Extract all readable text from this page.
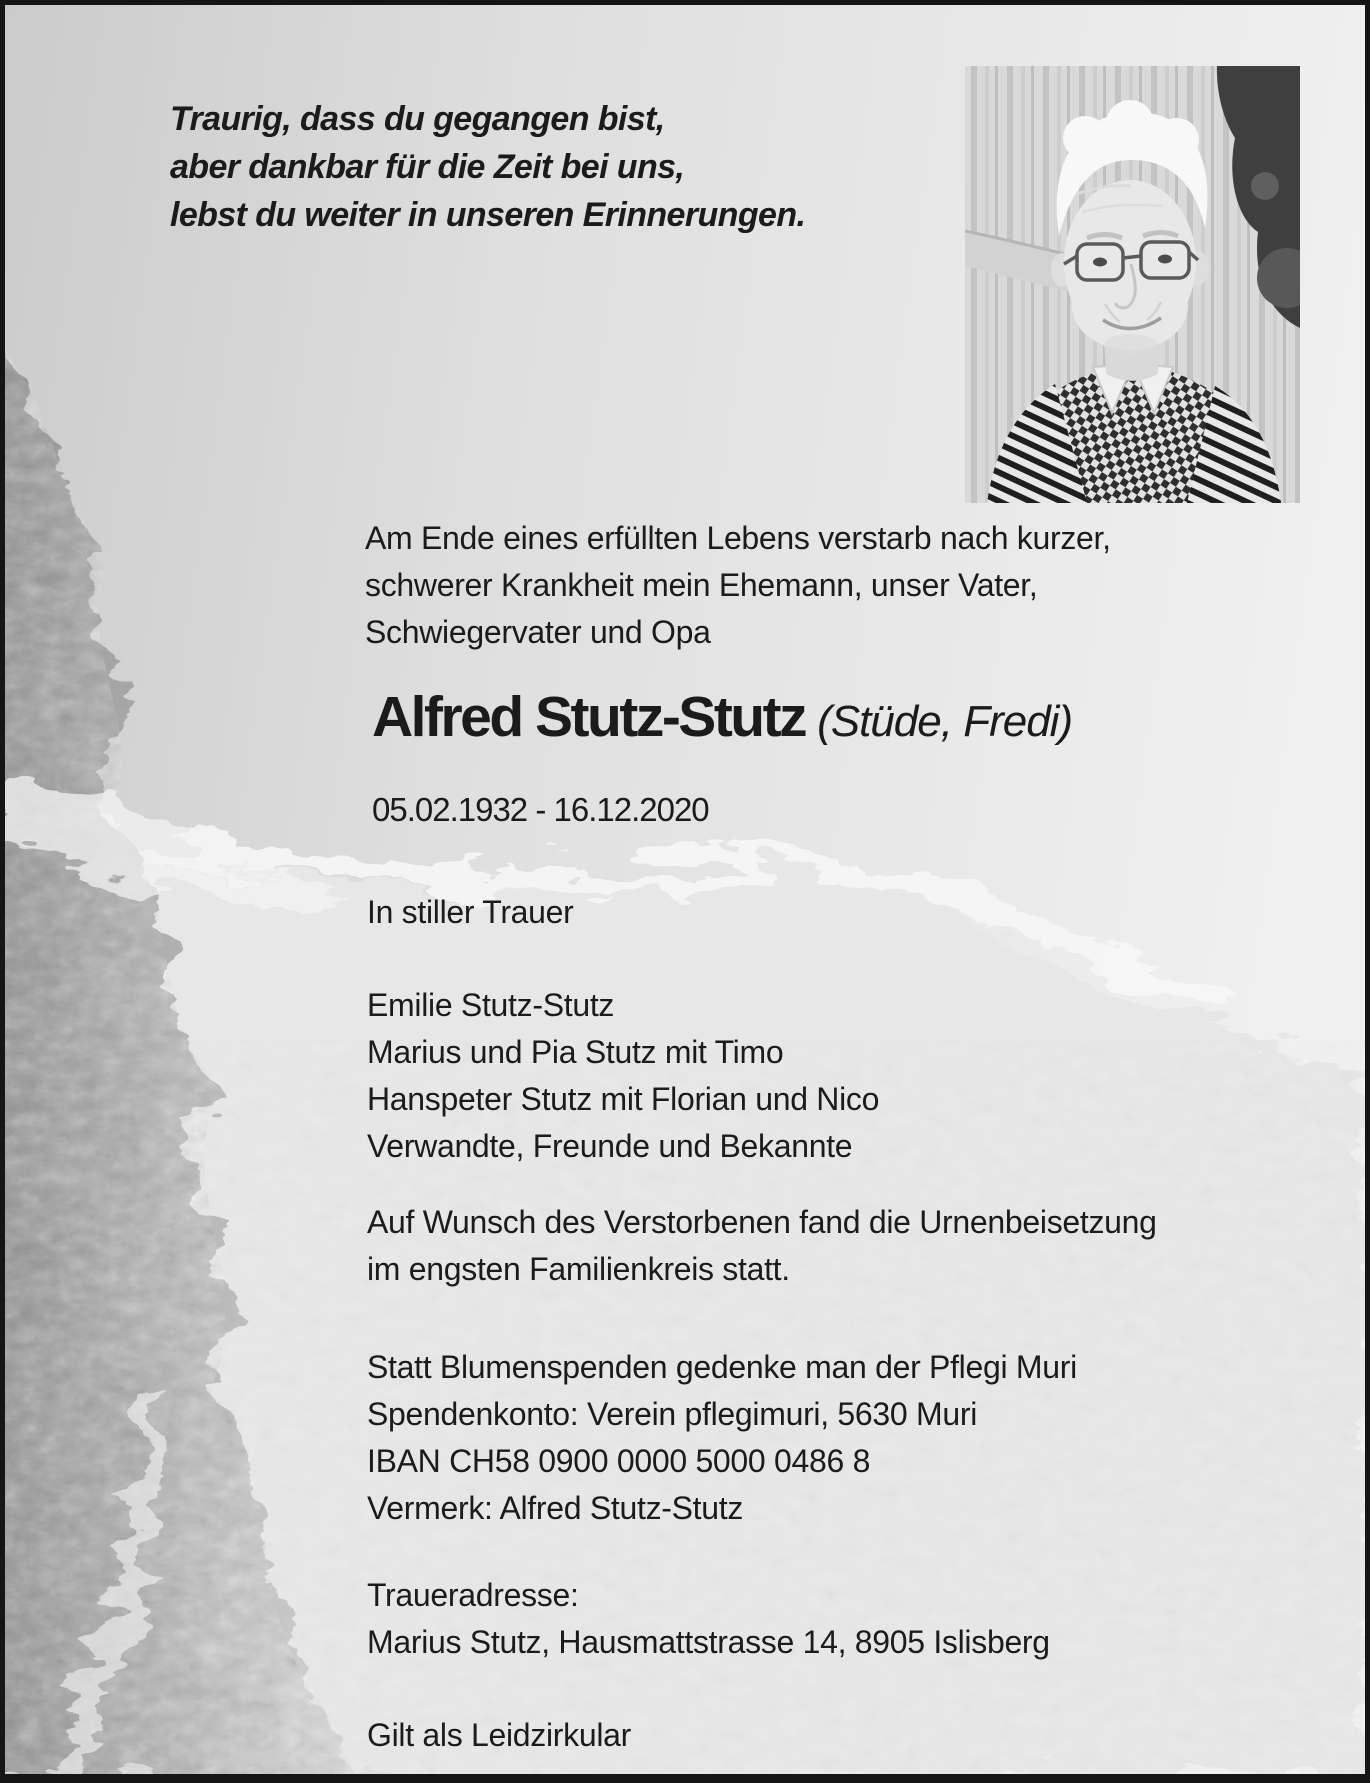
Traurig, dass du gegangen bist,
aber dankbar für die Zeit bei uns,
lebst du weiter in unseren Erinnerungen.
Am Ende eines erfüllten Lebens verstarb nach kurzer,
schwerer Krankheit mein Ehemann, unser Vater,
Schwiegervater und Opa
Alfred Stutz-Stutz (Stüde, Fredi)
05.02.1932 - 16.12.2020
In stiller Trauer
Emilie Stutz-Stutz
Marius und Pia Stutz mit Timo
Hanspeter Stutz mit Florian und Nico
Verwandte, Freunde und Bekannte
Auf Wunsch des Verstorbenen fand die Urnenbeisetzung
im engsten Familienkreis statt.
Statt Blumenspenden gedenke man der Pflegi Muri
Spendenkonto: Verein pflegimuri, 5630 Muri
IBAN CH58 0900 0000 5000 0486 8
Vermerk: Alfred Stutz-Stutz
Traueradresse:
Marius Stutz, Hausmattstrasse 14, 8905 Islisberg
Gilt als Leidzirkular
